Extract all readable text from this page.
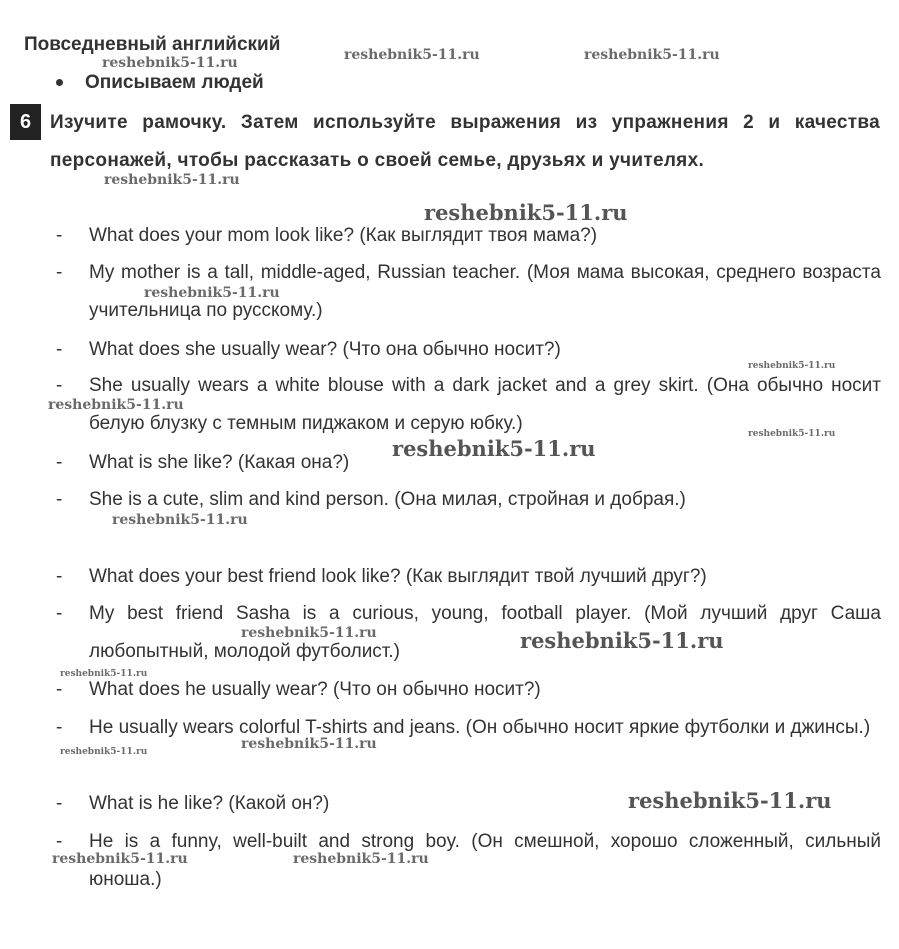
Повседневный английский
Описываем людей
6 Изучите рамочку. Затем используйте выражения из упражнения 2 и качества персонажей, чтобы рассказать о своей семье, друзьях и учителях.
- What does your mom look like? (Как выглядит твоя мама?)
- My mother is a tall, middle-aged, Russian teacher. (Моя мама высокая, среднего возраста учительница по русскому.)
- What does she usually wear? (Что она обычно носит?)
- She usually wears a white blouse with a dark jacket and a grey skirt. (Она обычно носит белую блузку с темным пиджаком и серую юбку.)
- What is she like? (Какая она?)
- She is a cute, slim and kind person. (Она милая, стройная и добрая.)
- What does your best friend look like? (Как выглядит твой лучший друг?)
- My best friend Sasha is a curious, young, football player. (Мой лучший друг Саша любопытный, молодой футболист.)
- What does he usually wear? (Что он обычно носит?)
- He usually wears colorful T-shirts and jeans. (Он обычно носит яркие футболки и джинсы.)
- What is he like? (Какой он?)
- He is a funny, well-built and strong boy. (Он смешной, хорошо сложенный, сильный юноша.)
reshebnik5-11.ru	reshebnik5-11.ru	reshebnik5-11.ru
reshebnik5-11.ru
reshebnik5-11.ru
reshebnik5-11.ru
reshebnik5-11.ru
reshebnik5-11.ru
reshebnik5-11.ru
reshebnik5-11.ru
reshebnik5-11.ru
reshebnik5-11.ru	reshebnik5-11.ru
reshebnik5-11.ru
reshebnik5-11.ru
reshebnik5-11.ru
reshebnik5-11.ru
reshebnik5-11.ru	reshebnik5-11.ru
